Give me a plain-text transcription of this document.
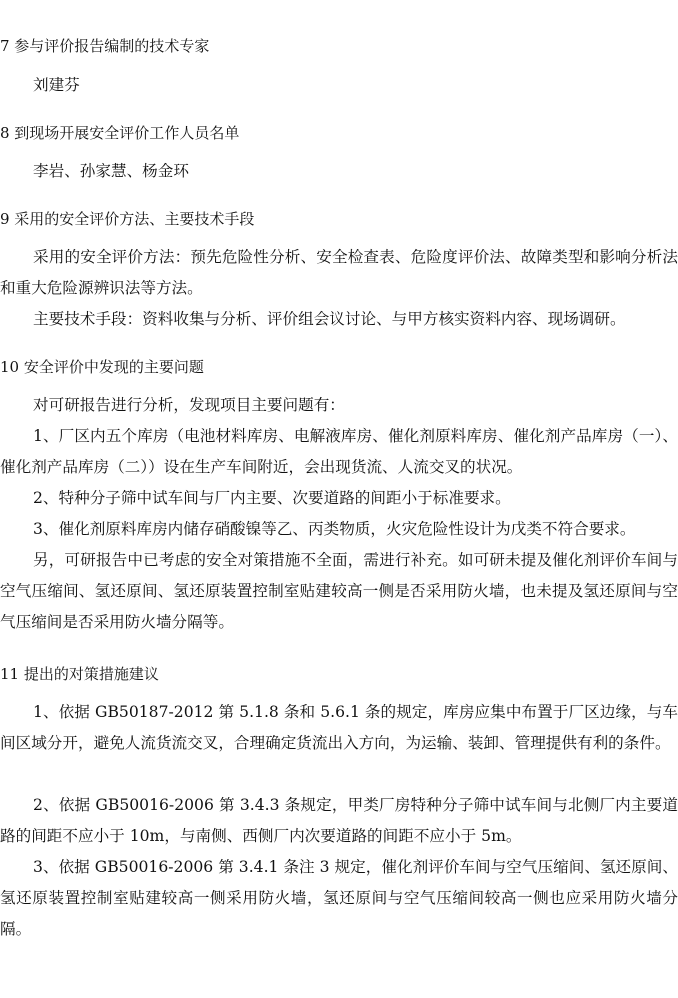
7 参与评价报告编制的技术专家

刘建芬

8 到现场开展安全评价工作人员名单

李岩、孙家慧、杨金环

9 采用的安全评价方法、主要技术手段

采用的安全评价方法：预先危险性分析、安全检查表、危险度评价法、故障类型和影响分析法和重大危险源辨识法等方法。

主要技术手段：资料收集与分析、评价组会议讨论、与甲方核实资料内容、现场调研。

10 安全评价中发现的主要问题

对可研报告进行分析，发现项目主要问题有：

1、厂区内五个库房（电池材料库房、电解液库房、催化剂原料库房、催化剂产品库房（一）、催化剂产品库房（二））设在生产车间附近，会出现货流、人流交叉的状况。

2、特种分子筛中试车间与厂内主要、次要道路的间距小于标准要求。

3、催化剂原料库房内储存硝酸镍等乙、丙类物质，火灾危险性设计为戊类不符合要求。

另，可研报告中已考虑的安全对策措施不全面，需进行补充。如可研未提及催化剂评价车间与空气压缩间、氢还原间、氢还原装置控制室贴建较高一侧是否采用防火墙，也未提及氢还原间与空气压缩间是否采用防火墙分隔等。

11 提出的对策措施建议

1、依据 GB50187-2012 第 5.1.8 条和 5.6.1 条的规定，库房应集中布置于厂区边缘，与车间区域分开，避免人流货流交叉，合理确定货流出入方向，为运输、装卸、管理提供有利的条件。

2、依据 GB50016-2006 第 3.4.3 条规定，甲类厂房特种分子筛中试车间与北侧厂内主要道路的间距不应小于 10m，与南侧、西侧厂内次要道路的间距不应小于 5m。

3、依据 GB50016-2006 第 3.4.1 条注 3 规定，催化剂评价车间与空气压缩间、氢还原间、氢还原装置控制室贴建较高一侧采用防火墙，氢还原间与空气压缩间较高一侧也应采用防火墙分隔。
